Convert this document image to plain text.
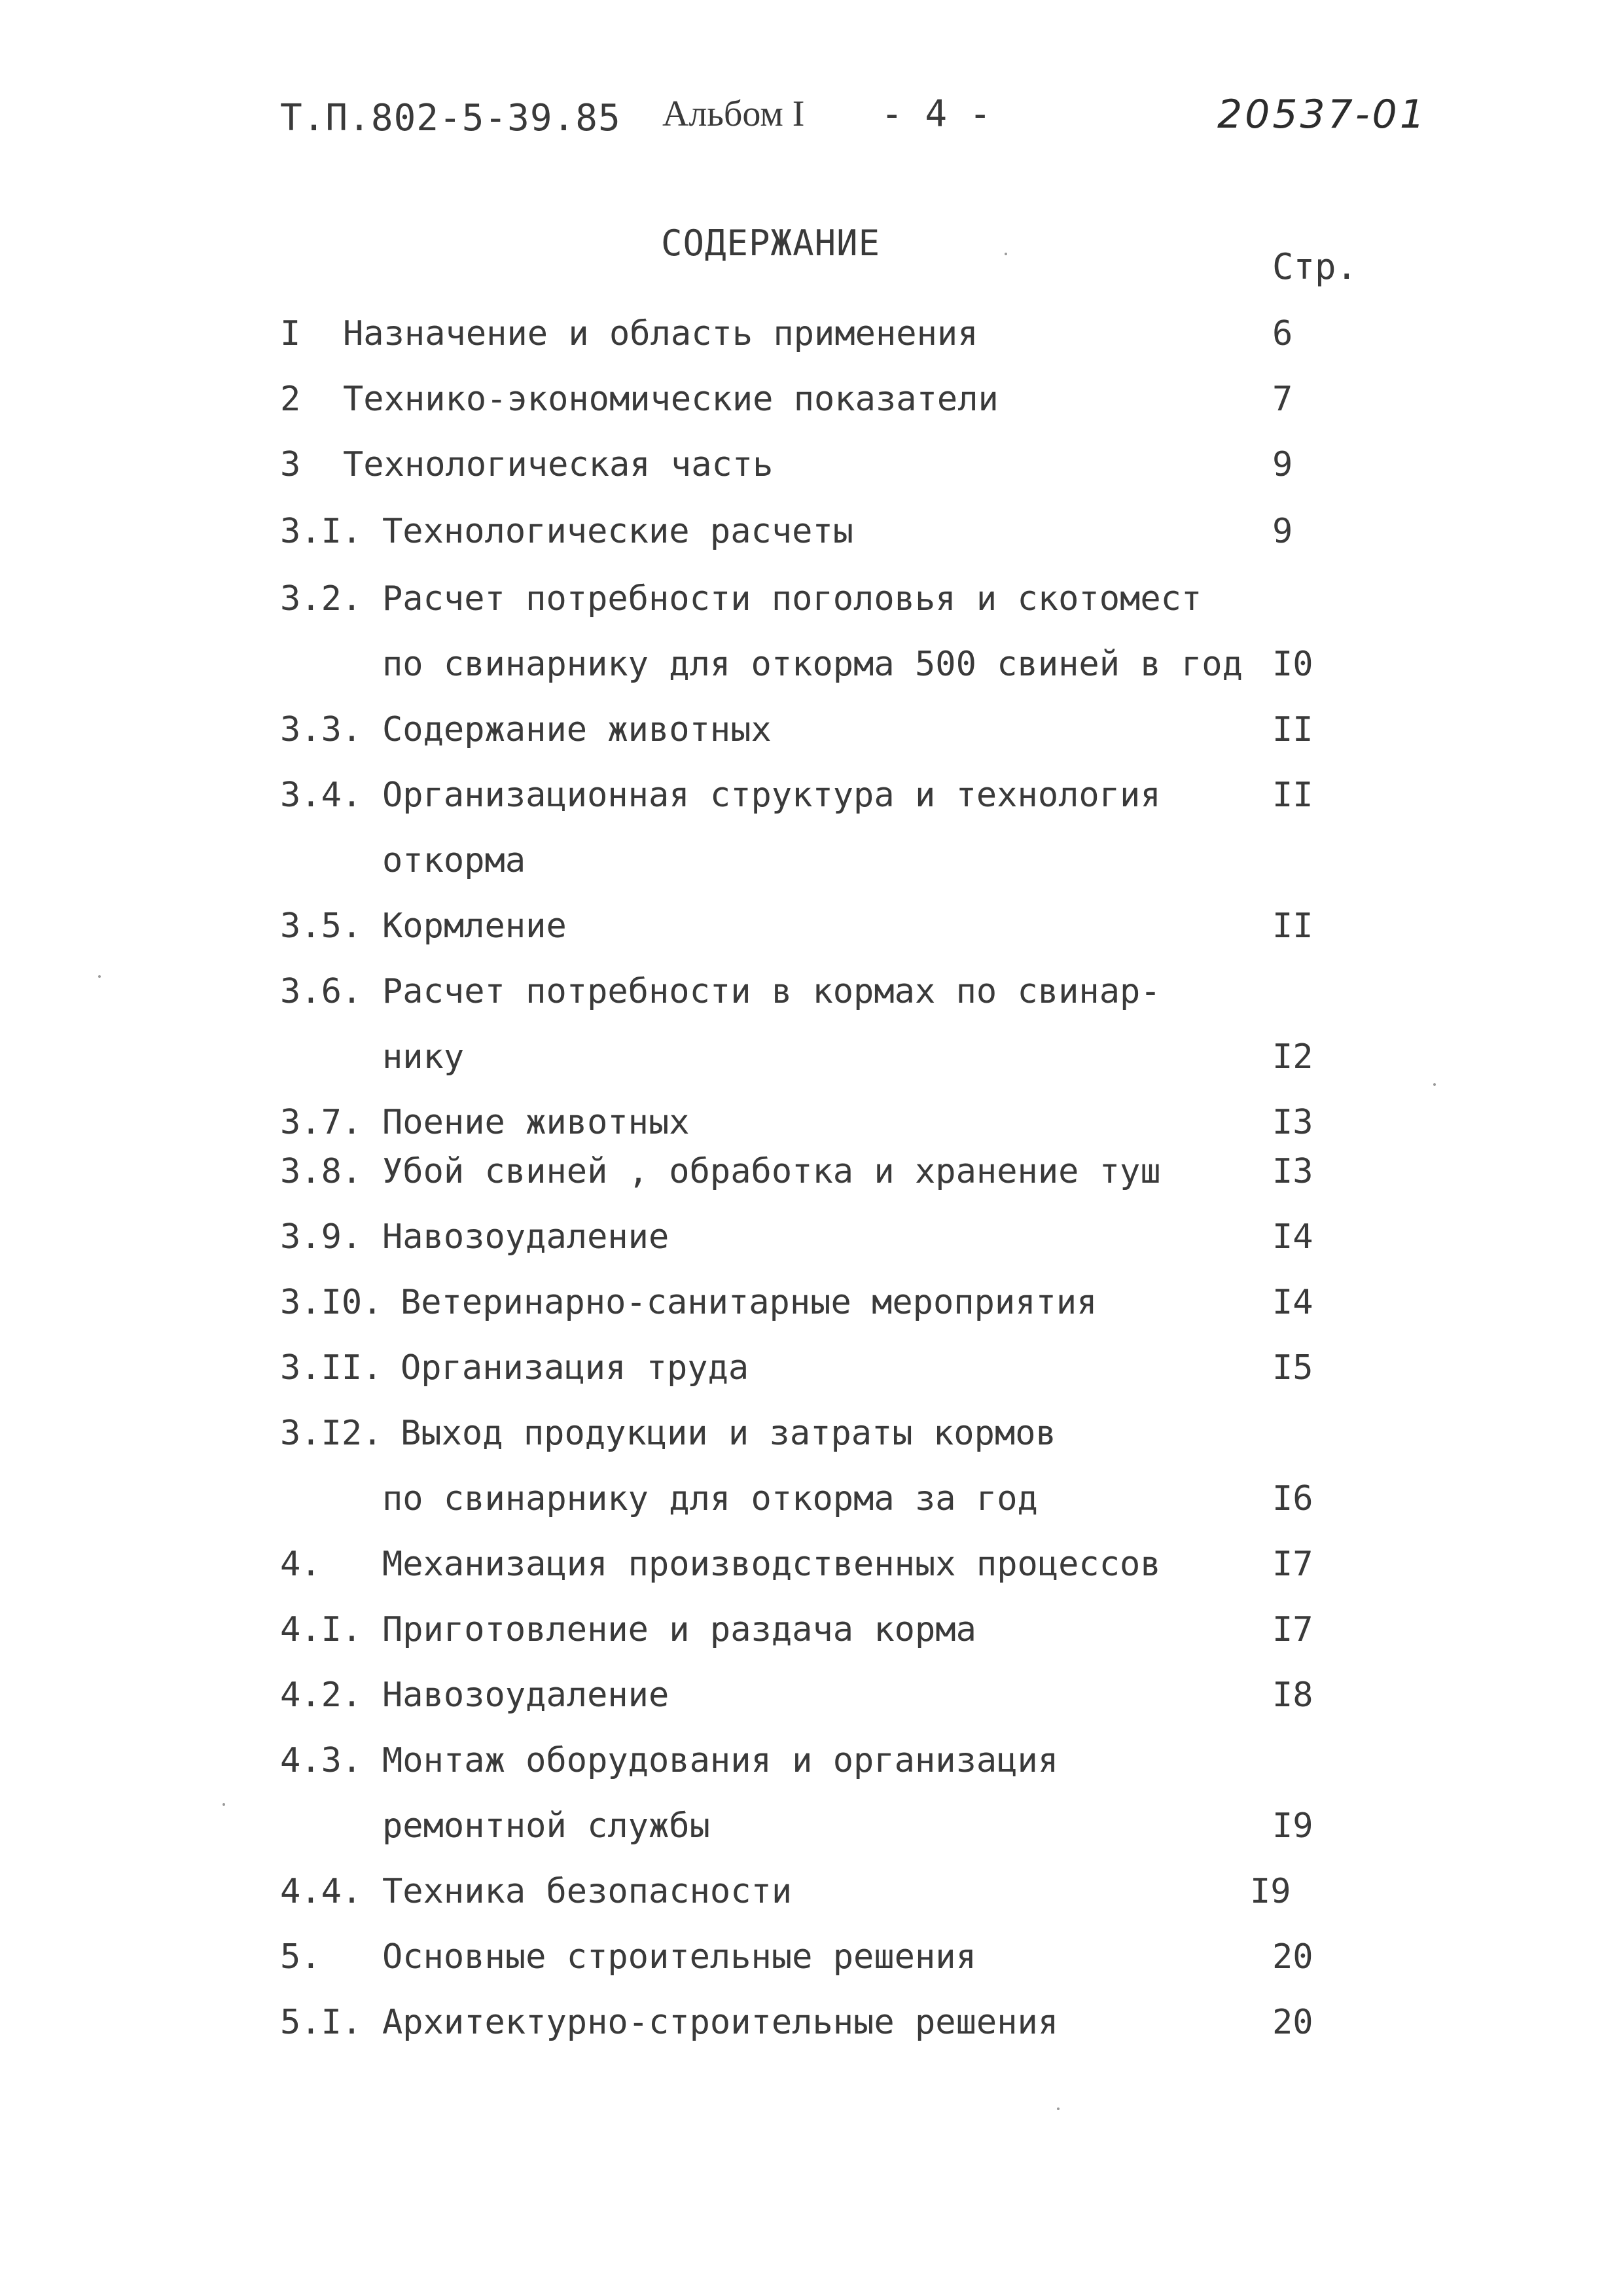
Т.П.802-5-39.85 Альбом I - 4 -	20537-01
СОДЕРЖАНИЕ
Стр.
I Назначение и область применения	6
2 Технико-экономические показатели	7
3 Технологическая часть	9
3.I. Технологические расчеты	9
3.2. Расчет потребности поголовья и скотомест
по свинарнику для откорма 500 свиней в год I0
3.3. Содержание животных	II
3.4. Организационная структура и технология	II
откорма
3.5. Кормление	II
3.6. Расчет потребности в кормах по свинар-
нику	I2
3.7. Поение животных	I3
3.8. Убой свиней , обработка и хранение туш	I3
3.9. Навозоудаление	I4
3.I0. Ветеринарно-санитарные мероприятия	I4
3.II. Организация труда	I5
3.I2. Выход продукции и затраты кормов
по свинарнику для откорма за год	I6
4. Механизация производственных процессов	I7
4.I. Приготовление и раздача корма	I7
4.2. Навозоудаление	I8
4.3. Монтаж оборудования и организация
ремонтной службы	I9
4.4. Техника безопасности	I9
5. Основные строительные решения	20
5.I. Архитектурно-строительные решения	20
